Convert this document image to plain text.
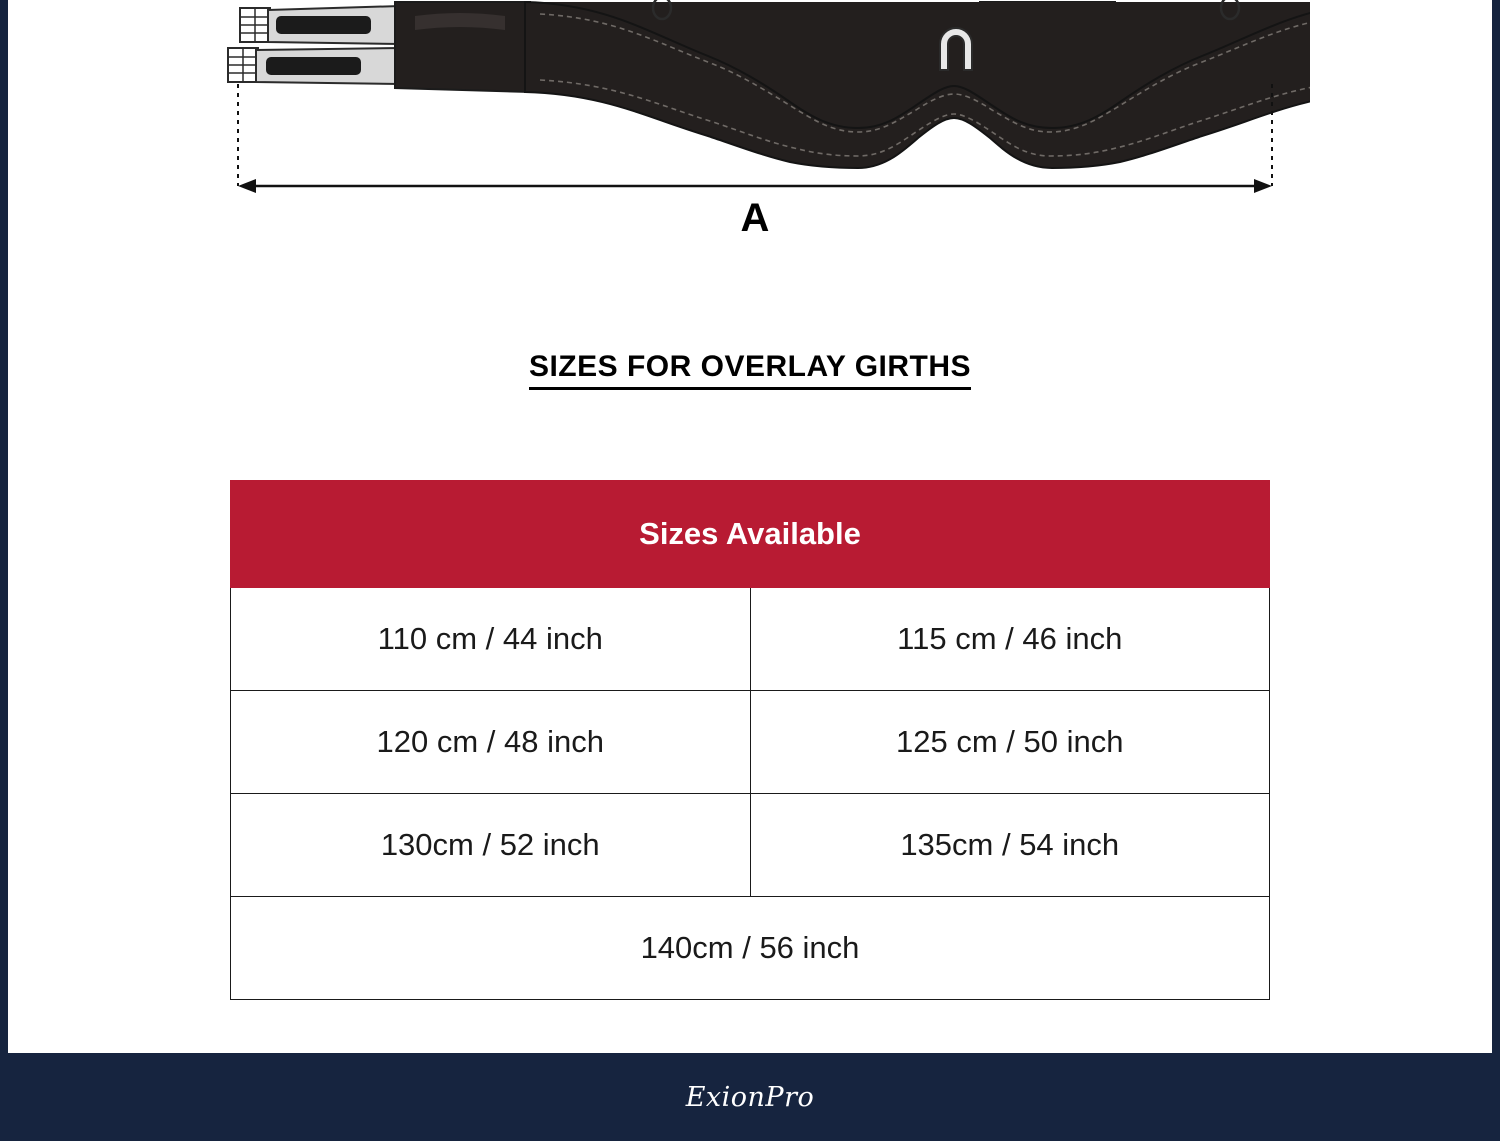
A
SIZES FOR OVERLAY GIRTHS
Sizes Available	
110 cm / 44 inch	115 cm / 46 inch
120 cm / 48 inch	125 cm / 50 inch
130cm / 52 inch	135cm / 54 inch
140cm / 56 inch	
ExionPro
